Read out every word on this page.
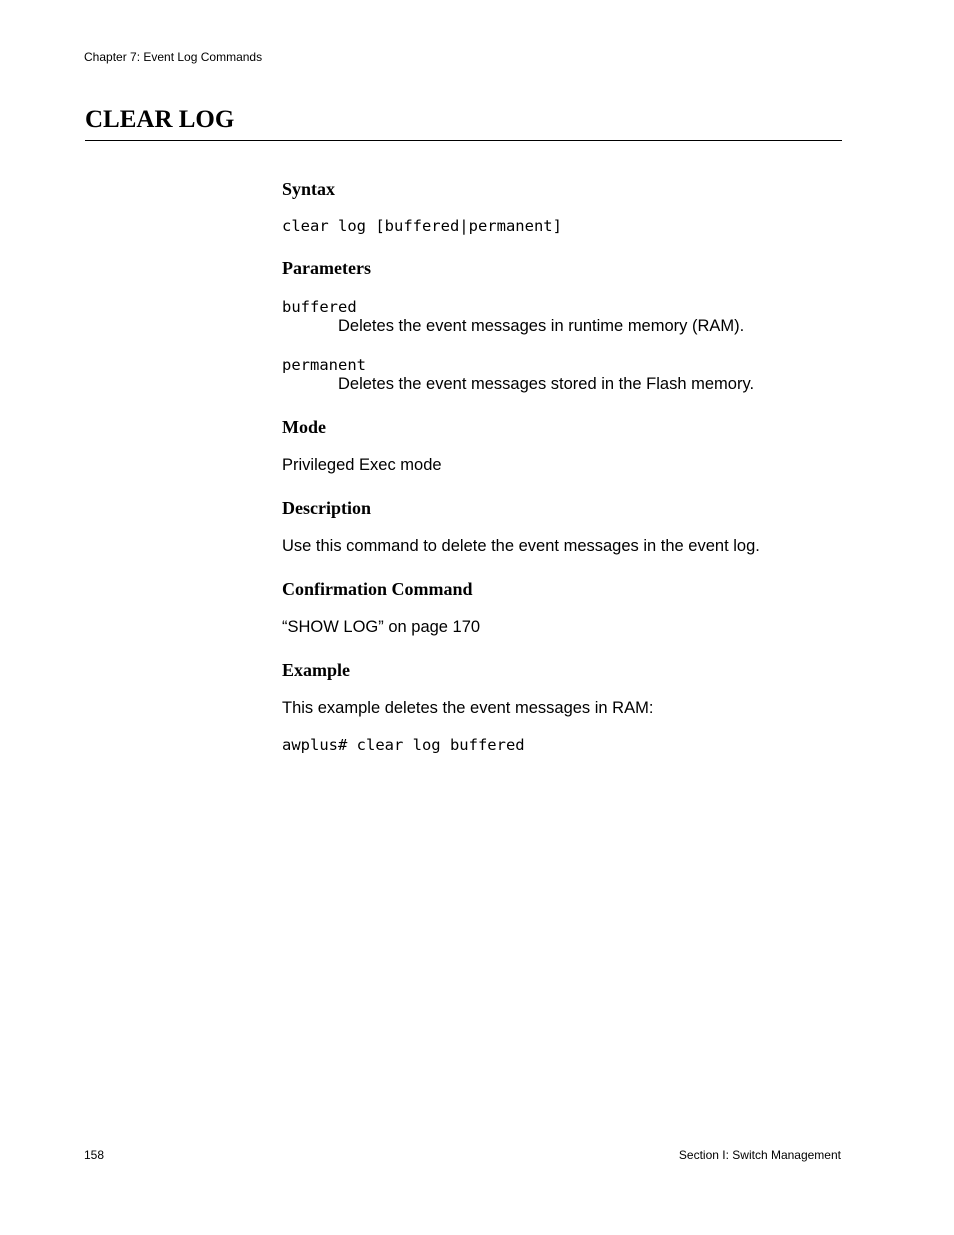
Chapter 7: Event Log Commands
CLEAR LOG
Syntax
clear log [buffered|permanent]
Parameters
buffered
Deletes the event messages in runtime memory (RAM).
permanent
Deletes the event messages stored in the Flash memory.
Mode
Privileged Exec mode
Description
Use this command to delete the event messages in the event log.
Confirmation Command
“SHOW LOG” on page 170
Example
This example deletes the event messages in RAM:
awplus# clear log buffered
158	Section I: Switch Management
